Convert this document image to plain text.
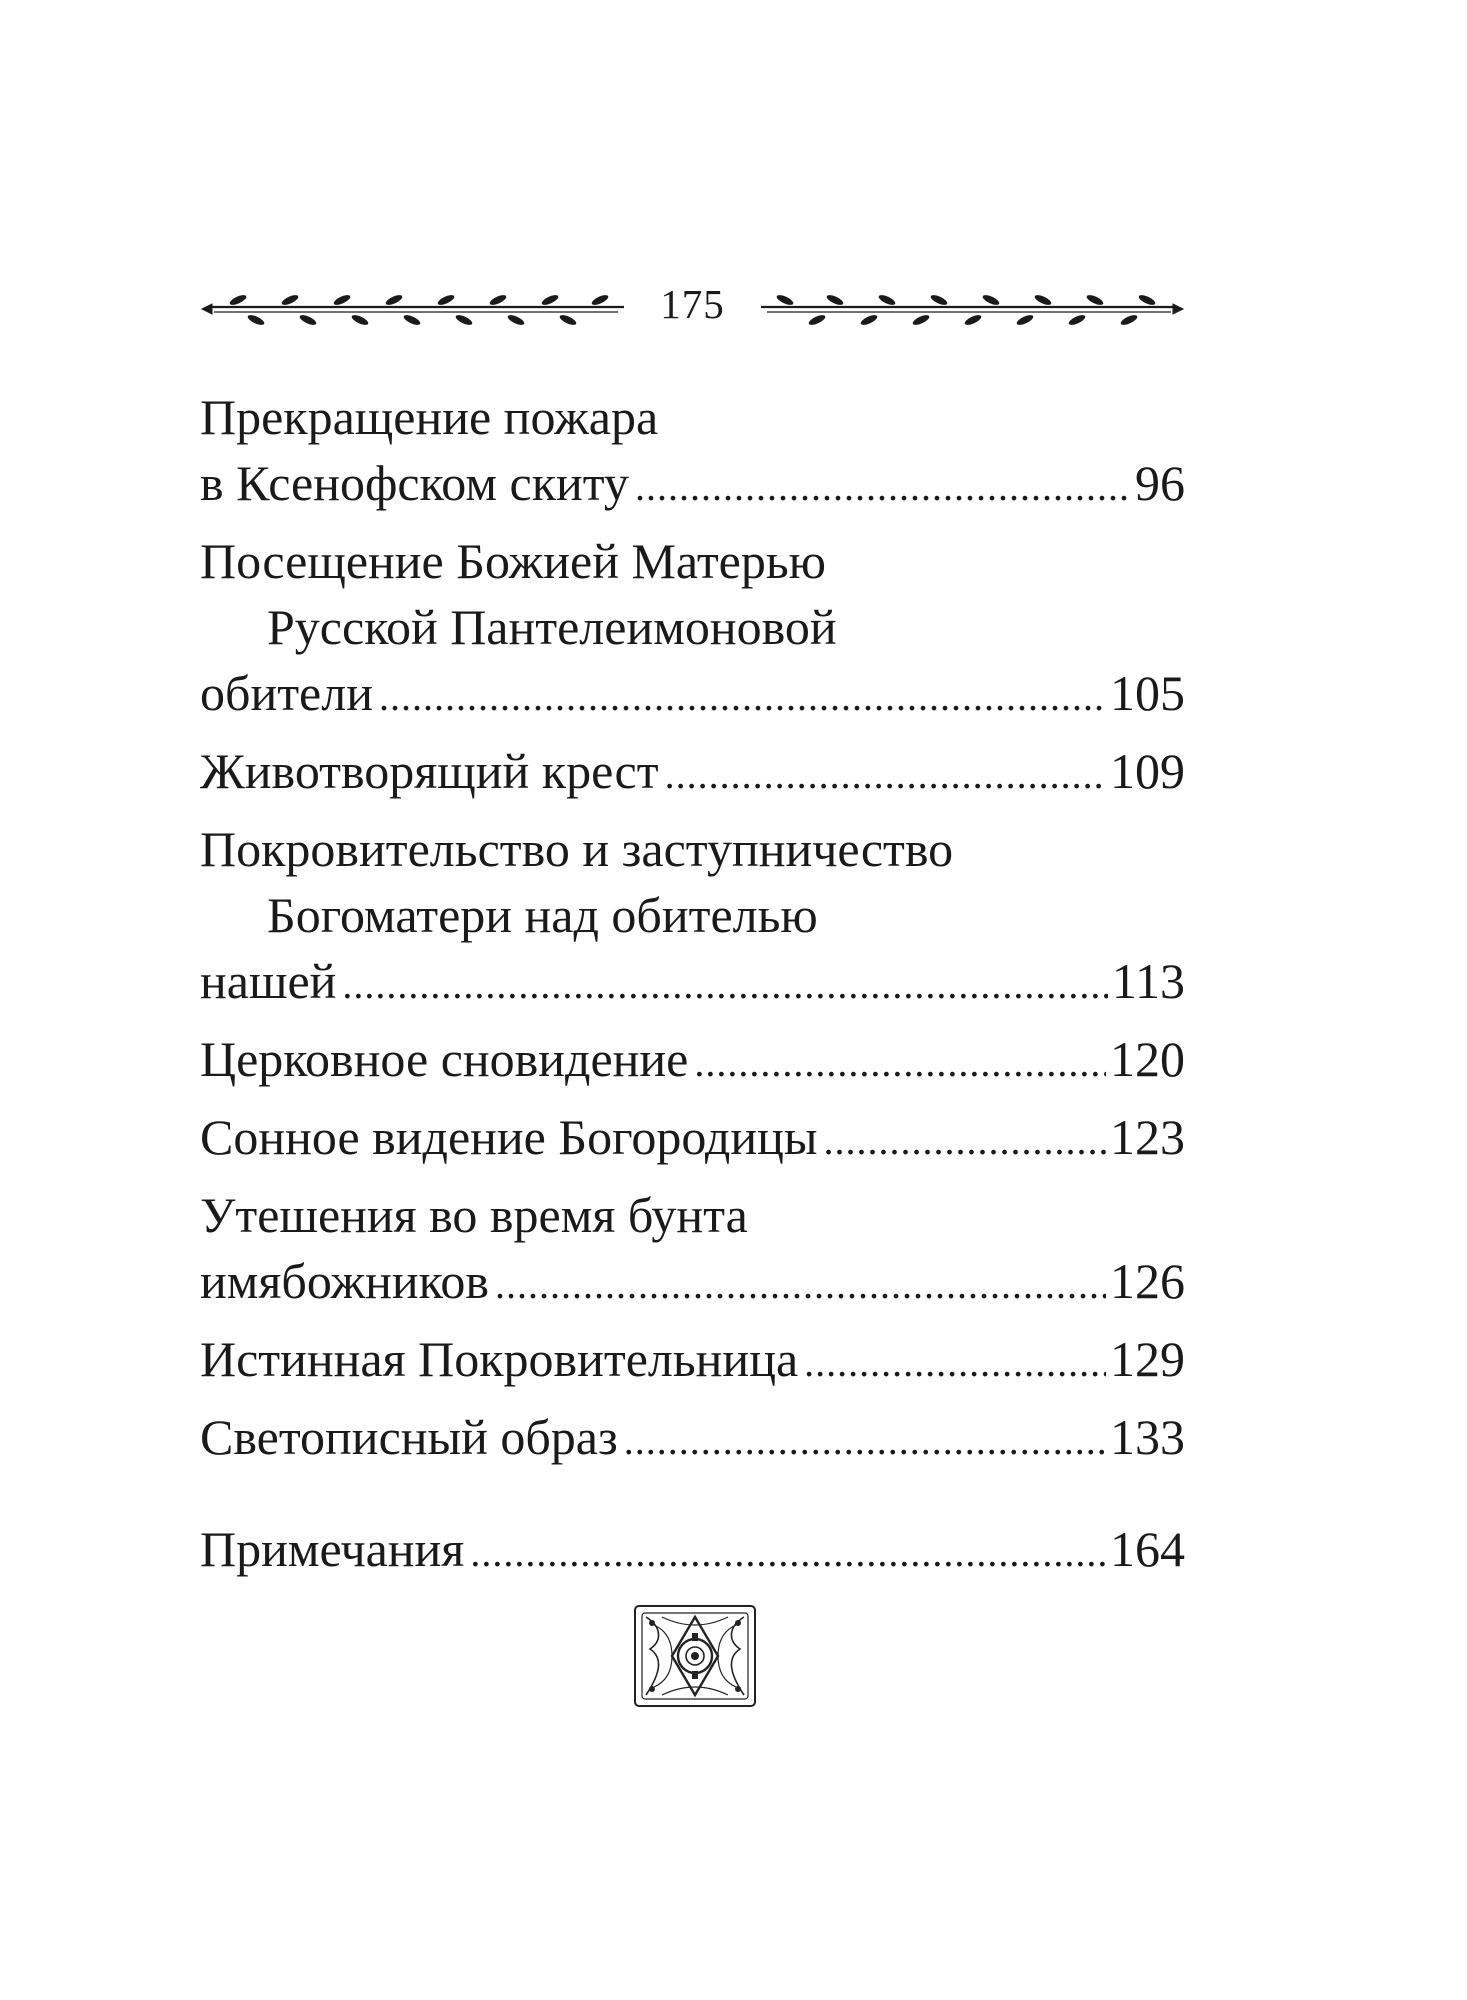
175
Прекращение пожара
в Ксенофском скиту .....	96
Посещение Божией Матерью
Русской Пантелеимоновой
обители .....	105
Животворящий крест .....	109
Покровительство и заступничество
Богоматери над обителью
нашей .....	113
Церковное сновидение .....	120
Сонное видение Богородицы .....	123
Утешения во время бунта
имябожников .....	126
Истинная Покровительница .....	129
Светописный образ .....	133
Примечания .....	164
